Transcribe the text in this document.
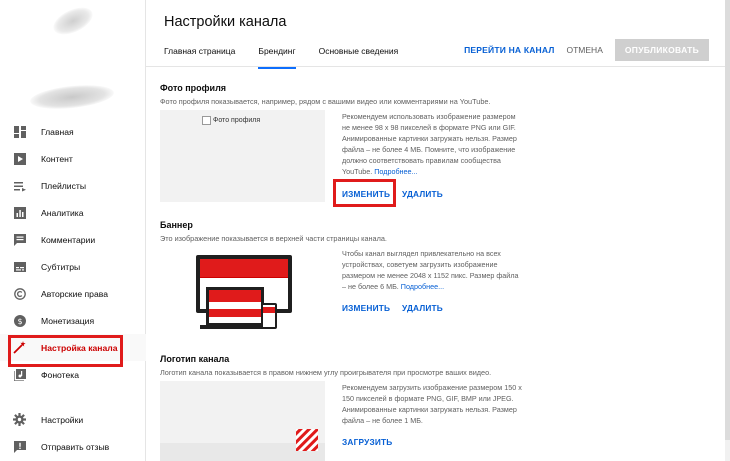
Главная
Контент
Плейлисты
Аналитика
Комментарии
Субтитры
Авторские права
$ Монетизация
Настройка канала
Фонотека
Настройки
Отправить отзыв
Настройки канала
Главная страница	Брендинг	Основные сведения	ПЕРЕЙТИ НА КАНАЛ ОТМЕНА	ОПУБЛИКОВАТЬ
Фото профиля
Фото профиля показывается, например, рядом с вашими видео или комментариями на YouTube.
Фото профиля	Рекомендуем использовать изображение размером не менее 98 x 98 пикселей в формате PNG или GIF. Анимированные картинки загружать нельзя. Размер файла – не более 4 МБ. Помните, что изображение должно соответствовать правилам сообщества YouTube. Подробнее...
ИЗМЕНИТЬ УДАЛИТЬ
Баннер
Это изображение показывается в верхней части страницы канала.
Чтобы канал выглядел привлекательно на всех устройствах, советуем загрузить изображение размером не менее 2048 x 1152 пикс. Размер файла – не более 6 МБ. Подробнее...
ИЗМЕНИТЬ УДАЛИТЬ
Логотип канала
Логотип канала показывается в правом нижнем углу проигрывателя при просмотре ваших видео.
Рекомендуем загрузить изображение размером 150 x 150 пикселей в формате PNG, GIF, BMP или JPEG. Анимированные картинки загружать нельзя. Размер файла – не более 1 МБ.
ЗАГРУЗИТЬ
